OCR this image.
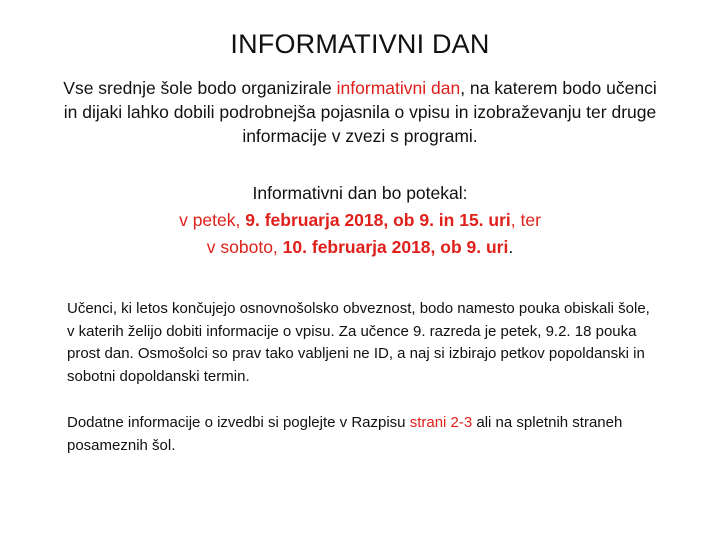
INFORMATIVNI DAN
Vse srednje šole bodo organizirale informativni dan, na katerem bodo učenci in dijaki lahko dobili podrobnejša pojasnila o vpisu in izobraževanju ter druge informacije v zvezi s programi.
Informativni dan bo potekal:
v petek, 9. februarja 2018, ob 9. in 15. uri, ter
v soboto, 10. februarja 2018, ob 9. uri.
Učenci, ki letos končujejo osnovnošolsko obveznost, bodo namesto pouka obiskali šole, v katerih želijo dobiti informacije o vpisu. Za učence 9. razreda je petek, 9.2. 18 pouka prost dan. Osmošolci so prav tako vabljeni ne ID, a naj si izbirajo petkov popoldanski in sobotni dopoldanski termin.
Dodatne informacije o izvedbi si poglejte v Razpisu strani 2-3 ali na spletnih straneh posameznih šol.
